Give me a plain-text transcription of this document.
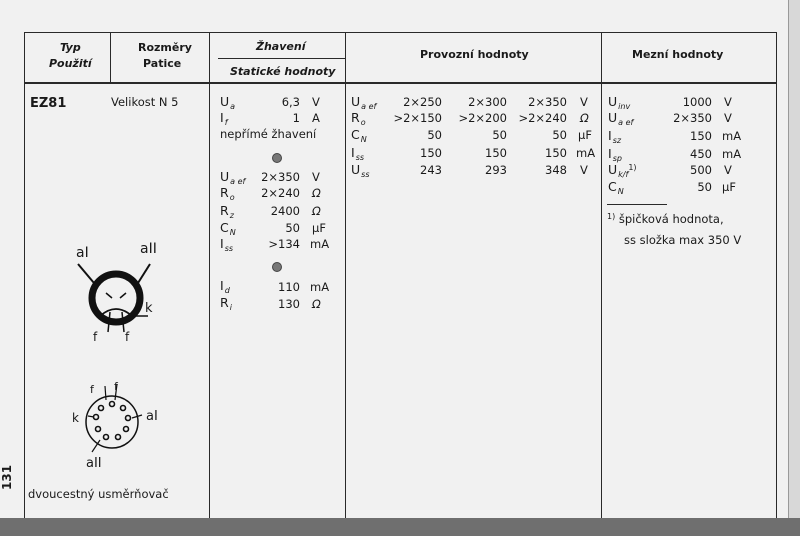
Typ
Použití
Rozměry
Patice
Žhavení
Statické hodnoty
Provozní hodnoty	Mezní hodnoty
EZ81	Velikost N 5
dvoucestný usměrňovač
aI	aII
k
f f
f f
k	aI
aII
$U_a$	6,3 V
$I_f$	1 A
nepřímé žhavení
$U_{a ef}$	2×350 V
$R_o$	2×240 Ω
$R_z$	2400 Ω
$C_N$	50 μF
$I_{ss}$	>134 mA
$I_d$	110 mA
$R_i$	130 Ω
$U_{a ef}$	2×250	2×300	2×350 V
$R_o$	>2×150	>2×200 >2×240 Ω
$C_N$	50	50	50 μF
$I_{ss}$	150	150	150 mA
$U_{ss}$	243	293	348 V
$U_{inv}$	1000 V
$U_{a ef}$	2×350 V
$I_{sz}$	150 mA
$I_{sp}$	450 mA
$U_{k/f}^{1)}$	500 V
$C_N$	50 μF
$^{1)}$ špičková hodnota,
ss složka max 350 V
131
